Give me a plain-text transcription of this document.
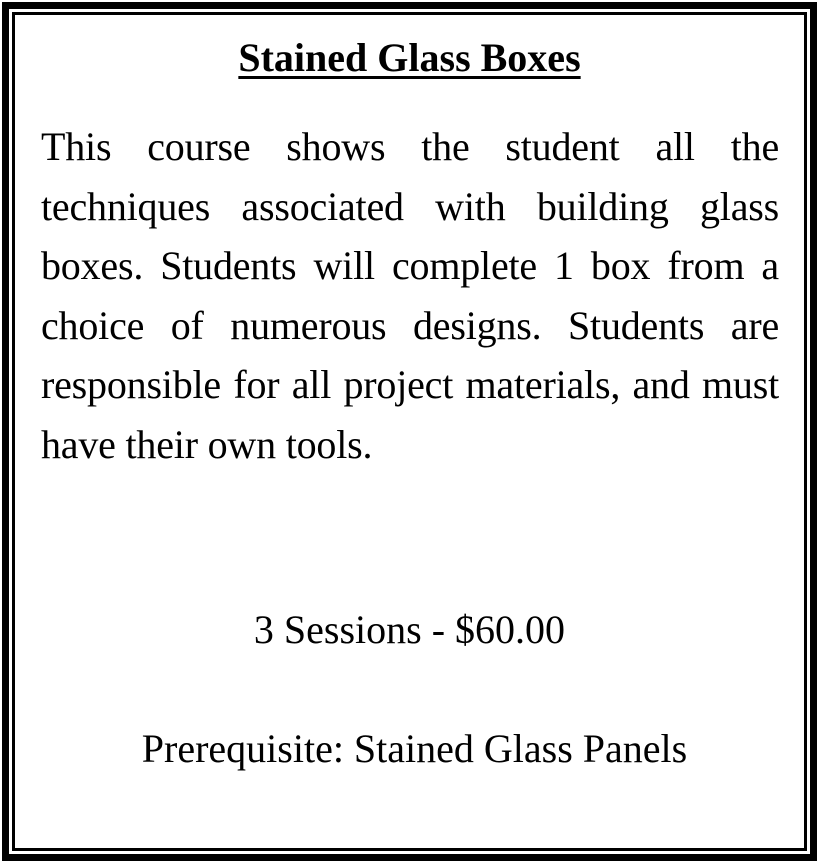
Stained Glass Boxes

This course shows the student all the techniques associated with building glass boxes. Students will complete 1 box from a choice of numerous designs. Students are responsible for all project materials, and must have their own tools.

3 Sessions - $60.00
Prerequisite: Stained Glass Panels
